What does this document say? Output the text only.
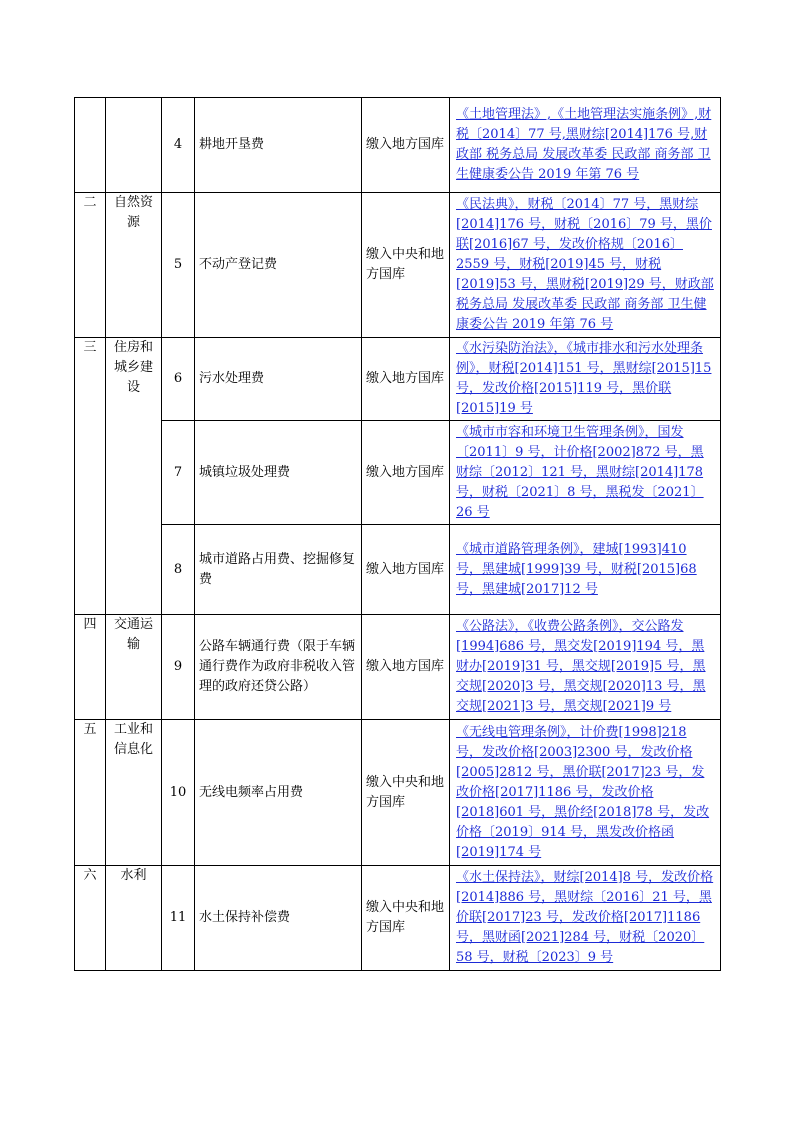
		4	耕地开垦费	缴入地方国库	《土地管理法》,《土地管理法实施条例》,财税〔2014〕77 号,黑财综[2014]176 号,财政部 税务总局 发展改革委 民政部 商务部 卫生健康委公告 2019 年第 76 号
二	自然资源	5	不动产登记费	缴入中央和地方国库	《民法典》，财税〔2014〕77 号，黑财综[2014]176 号，财税〔2016〕79 号，黑价联[2016]67 号，发改价格规〔2016〕2559 号，财税[2019]45 号，财税[2019]53 号，黑财税[2019]29 号，财政部 税务总局 发展改革委 民政部 商务部 卫生健康委公告 2019 年第 76 号
三	住房和城乡建设	6	污水处理费	缴入地方国库	《水污染防治法》，《城市排水和污水处理条例》，财税[2014]151 号，黑财综[2015]15 号，发改价格[2015]119 号，黑价联[2015]19 号
		7	城镇垃圾处理费	缴入地方国库	《城市市容和环境卫生管理条例》，国发〔2011〕9 号，计价格[2002]872 号，黑财综〔2012〕121 号，黑财综[2014]178 号，财税〔2021〕8 号，黑税发〔2021〕26 号
		8	城市道路占用费、挖掘修复费	缴入地方国库	《城市道路管理条例》，建城[1993]410 号，黑建城[1999]39 号，财税[2015]68 号，黑建城[2017]12 号
四	交通运输	9	公路车辆通行费（限于车辆通行费作为政府非税收入管理的政府还贷公路）	缴入地方国库	《公路法》，《收费公路条例》，交公路发[1994]686 号，黑交发[2019]194 号，黑财办[2019]31 号，黑交规[2019]5 号，黑交规[2020]3 号，黑交规[2020]13 号，黑交规[2021]3 号，黑交规[2021]9 号
五	工业和信息化	10	无线电频率占用费	缴入中央和地方国库	《无线电管理条例》，计价费[1998]218 号，发改价格[2003]2300 号，发改价格[2005]2812 号，黑价联[2017]23 号，发改价格[2017]1186 号，发改价格[2018]601 号，黑价经[2018]78 号，发改价格〔2019〕914 号，黑发改价格函[2019]174 号
六	水利	11	水土保持补偿费	缴入中央和地方国库	《水土保持法》，财综[2014]8 号，发改价格[2014]886 号，黑财综〔2016〕21 号，黑价联[2017]23 号，发改价格[2017]1186 号，黑财函[2021]284 号，财税〔2020〕58 号，财税〔2023〕9 号
